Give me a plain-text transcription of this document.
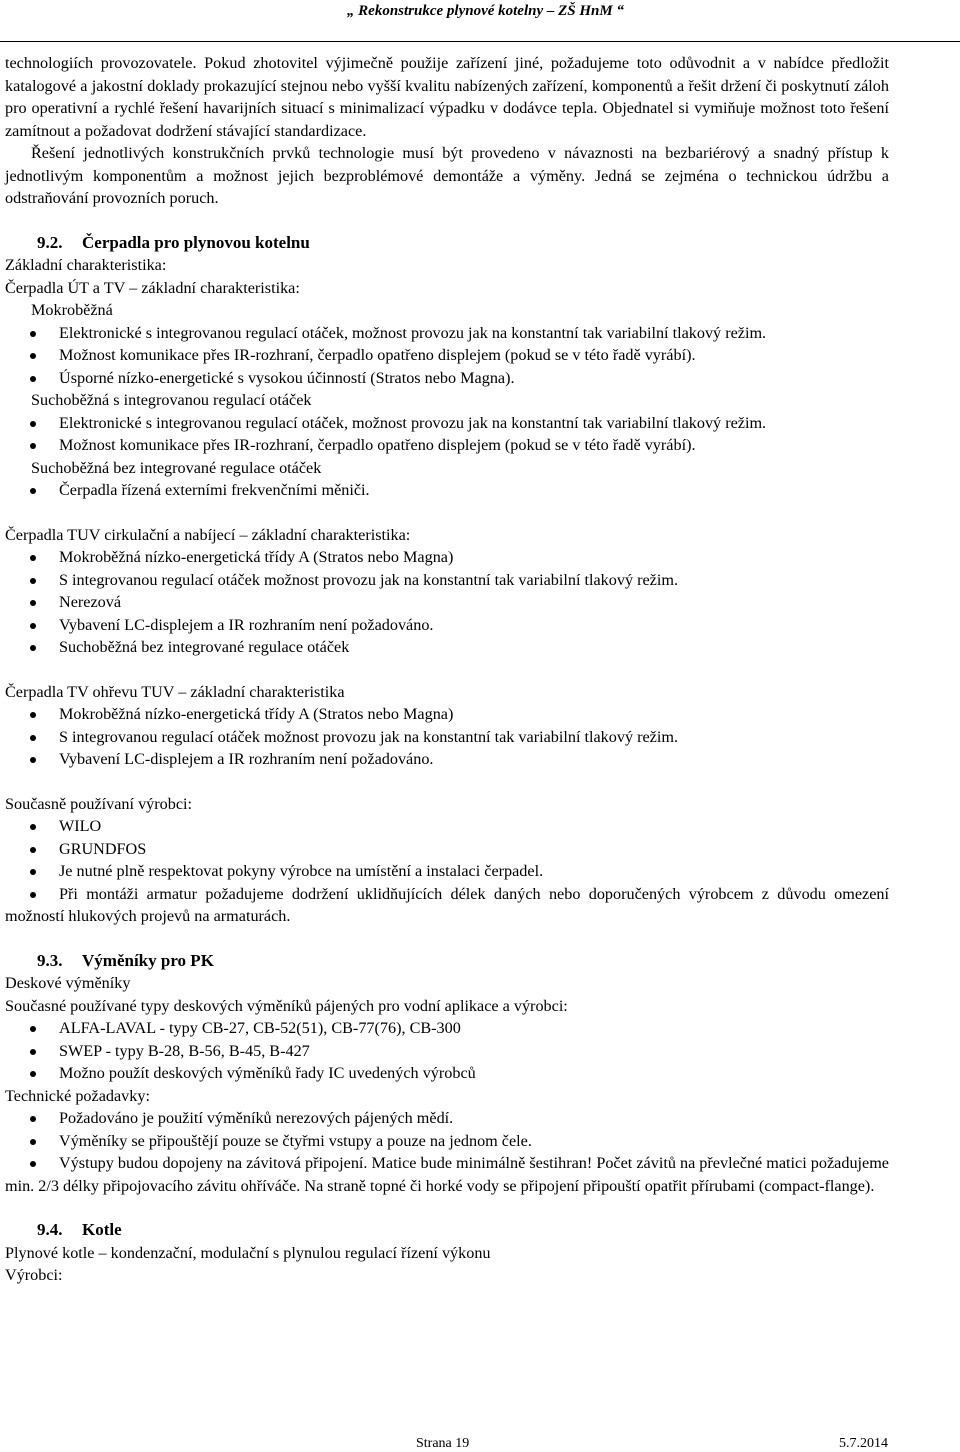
„ Rekonstrukce plynové kotelny – ZŠ HnM “

technologiích provozovatele. Pokud zhotovitel výjimečně použije zařízení jiné, požadujeme toto odůvodnit a v nabídce předložit katalogové a jakostní doklady prokazující stejnou nebo vyšší kvalitu nabízených zařízení, komponentů a řešit držení či poskytnutí záloh pro operativní a rychlé řešení havarijních situací s minimalizací výpadku v dodávce tepla. Objednatel si vymiňuje možnost toto řešení zamítnout a požadovat dodržení stávající standardizace.

Řešení jednotlivých konstrukčních prvků technologie musí být provedeno v návaznosti na bezbariérový a snadný přístup k jednotlivým komponentům a možnost jejich bezproblémové demontáže a výměny. Jedná se zejména o technickou údržbu a odstraňování provozních poruch.

9.2. Čerpadla pro plynovou kotelnu

Základní charakteristika:

Čerpadla ÚT a TV – základní charakteristika:

Mokroběžná

Elektronické s integrovanou regulací otáček, možnost provozu jak na konstantní tak variabilní tlakový režim.
Možnost komunikace přes IR-rozhraní, čerpadlo opatřeno displejem (pokud se v této řadě vyrábí).
Úsporné nízko-energetické s vysokou účinností (Stratos nebo Magna).

Suchoběžná s integrovanou regulací otáček

Elektronické s integrovanou regulací otáček, možnost provozu jak na konstantní tak variabilní tlakový režim.
Možnost komunikace přes IR-rozhraní, čerpadlo opatřeno displejem (pokud se v této řadě vyrábí).

Suchoběžná bez integrované regulace otáček

Čerpadla řízená externími frekvenčními měniči.

Čerpadla TUV cirkulační a nabíjecí – základní charakteristika:

Mokroběžná nízko-energetická třídy A (Stratos nebo Magna)
S integrovanou regulací otáček možnost provozu jak na konstantní tak variabilní tlakový režim.
Nerezová
Vybavení LC-displejem a IR rozhraním není požadováno.
Suchoběžná bez integrované regulace otáček

Čerpadla TV ohřevu TUV – základní charakteristika

Mokroběžná nízko-energetická třídy A (Stratos nebo Magna)
S integrovanou regulací otáček možnost provozu jak na konstantní tak variabilní tlakový režim.
Vybavení LC-displejem a IR rozhraním není požadováno.

Současně používaní výrobci:

WILO
GRUNDFOS
Je nutné plně respektovat pokyny výrobce na umístění a instalaci čerpadel.
Při montáži armatur požadujeme dodržení uklidňujících délek daných nebo doporučených výrobcem z důvodu omezení možností hlukových projevů na armaturách.

9.3. Výměníky pro PK

Deskové výměníky

Současné používané typy deskových výměníků pájených pro vodní aplikace a výrobci:

ALFA-LAVAL - typy CB-27, CB-52(51), CB-77(76), CB-300
SWEP - typy B-28, B-56, B-45, B-427
Možno použít deskových výměníků řady IC uvedených výrobců

Technické požadavky:

Požadováno je použití výměníků nerezových pájených mědí.
Výměníky se připouštějí pouze se čtyřmi vstupy a pouze na jednom čele.
Výstupy budou dopojeny na závitová připojení. Matice bude minimálně šestihran! Počet závitů na převlečné matici požadujeme min. 2/3 délky připojovacího závitu ohříváče. Na straně topné či horké vody se připojení připouští opatřit přírubami (compact-flange).

9.4. Kotle

Plynové kotle – kondenzační, modulační s plynulou regulací řízení výkonu

Výrobci:

Strana 19	5.7.2014
